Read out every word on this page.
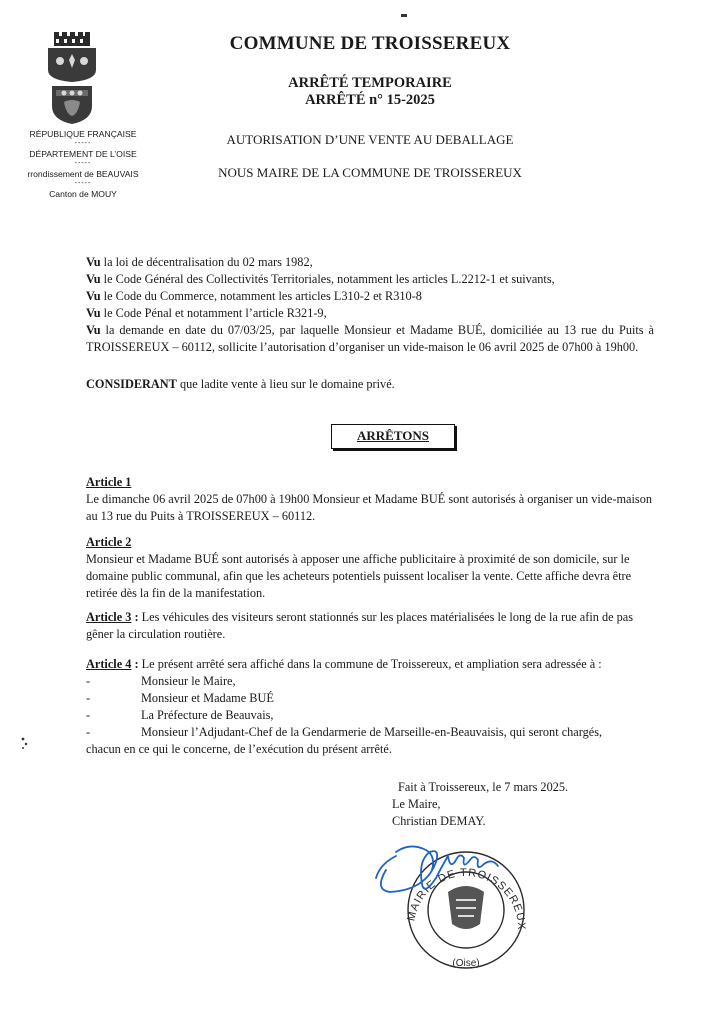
RÉPUBLIQUE FRANÇAISE

-----

DÉPARTEMENT DE L’OISE

-----

rrondissement de BEAUVAIS

-----

Canton de MOUY

COMMUNE DE TROISSEREUX
ARRÊTÉ TEMPORAIRE
ARRÊTÉ n° 15-2025
AUTORISATION D’UNE VENTE AU DEBALLAGE
NOUS MAIRE DE LA COMMUNE DE TROISSEREUX

Vu la loi de décentralisation du 02 mars 1982,

Vu le Code Général des Collectivités Territoriales, notamment les articles L.2212-1 et suivants,

Vu le Code du Commerce, notamment les articles L310-2 et R310-8

Vu le Code Pénal et notamment l’article R321-9,

Vu la demande en date du 07/03/25, par laquelle Monsieur et Madame BUÉ, domiciliée au 13 rue du Puits à TROISSEREUX – 60112, sollicite l’autorisation d’organiser un vide-maison le 06 avril 2025 de 07h00 à 19h00.

CONSIDERANT que ladite vente à lieu sur le domaine privé.
ARRÊTONS

Article 1

Le dimanche 06 avril 2025 de 07h00 à 19h00 Monsieur et Madame BUÉ sont autorisés à organiser un vide-maison au 13 rue du Puits à TROISSEREUX – 60112.

Article 2

Monsieur et Madame BUÉ sont autorisés à apposer une affiche publicitaire à proximité de son domicile, sur le domaine public communal, afin que les acheteurs potentiels puissent localiser la vente. Cette affiche devra être retirée dès la fin de la manifestation.

Article 3 : Les véhicules des visiteurs seront stationnés sur les places matérialisées le long de la rue afin de pas gêner la circulation routière.

Article 4 : Le présent arrêté sera affiché dans la commune de Troissereux, et ampliation sera adressée à :

-	Monsieur le Maire,
-	Monsieur et Madame BUÉ
-	La Préfecture de Beauvais,
-	Monsieur l’Adjudant-Chef de la Gendarmerie de Marseille-en-Beauvaisis, qui seront chargés,

chacun en ce qui le concerne, de l’exécution du présent arrêté.

Fait à Troissereux, le 7 mars 2025.

Le Maire,

Christian DEMAY.

MAIRIE DE TROISSEREUX
(Oise)
